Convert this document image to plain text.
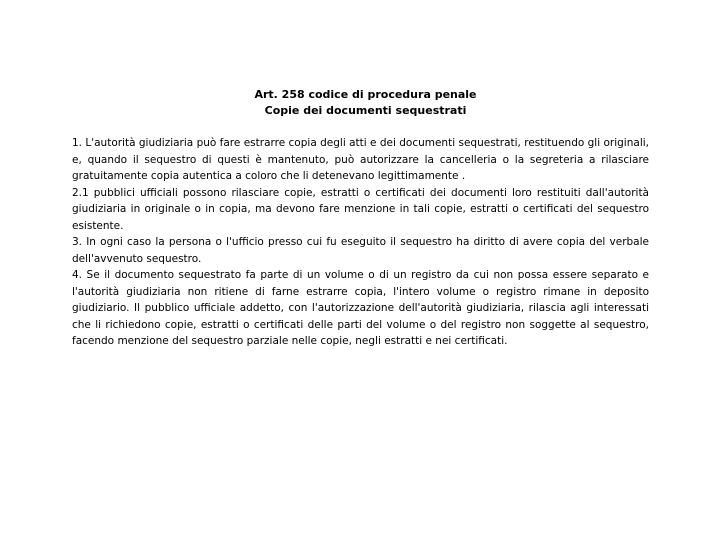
Art. 258 codice di procedura penale
Copie dei documenti sequestrati

1. L'autorità giudiziaria può fare estrarre copia degli atti e dei documenti sequestrati, restituendo gli originali, e, quando il sequestro di questi è mantenuto, può autorizzare la cancelleria o la segreteria a rilasciare gratuitamente copia autentica a coloro che li detenevano legittimamente .

2.1 pubblici ufficiali possono rilasciare copie, estratti o certificati dei documenti loro restituiti dall'autorità giudiziaria in originale o in copia, ma devono fare menzione in tali copie, estratti o certificati del sequestro esistente.

3. In ogni caso la persona o l'ufficio presso cui fu eseguito il sequestro ha diritto di avere copia del verbale dell'avvenuto sequestro.

4. Se il documento sequestrato fa parte di un volume o di un registro da cui non possa essere separato e l'autorità giudiziaria non ritiene di farne estrarre copia, l'intero volume o registro rimane in deposito giudiziario. Il pubblico ufficiale addetto, con l'autorizzazione dell'autorità giudiziaria, rilascia agli interessati che li richiedono copie, estratti o certificati delle parti del volume o del registro non soggette al sequestro, facendo menzione del sequestro parziale nelle copie, negli estratti e nei certificati.
